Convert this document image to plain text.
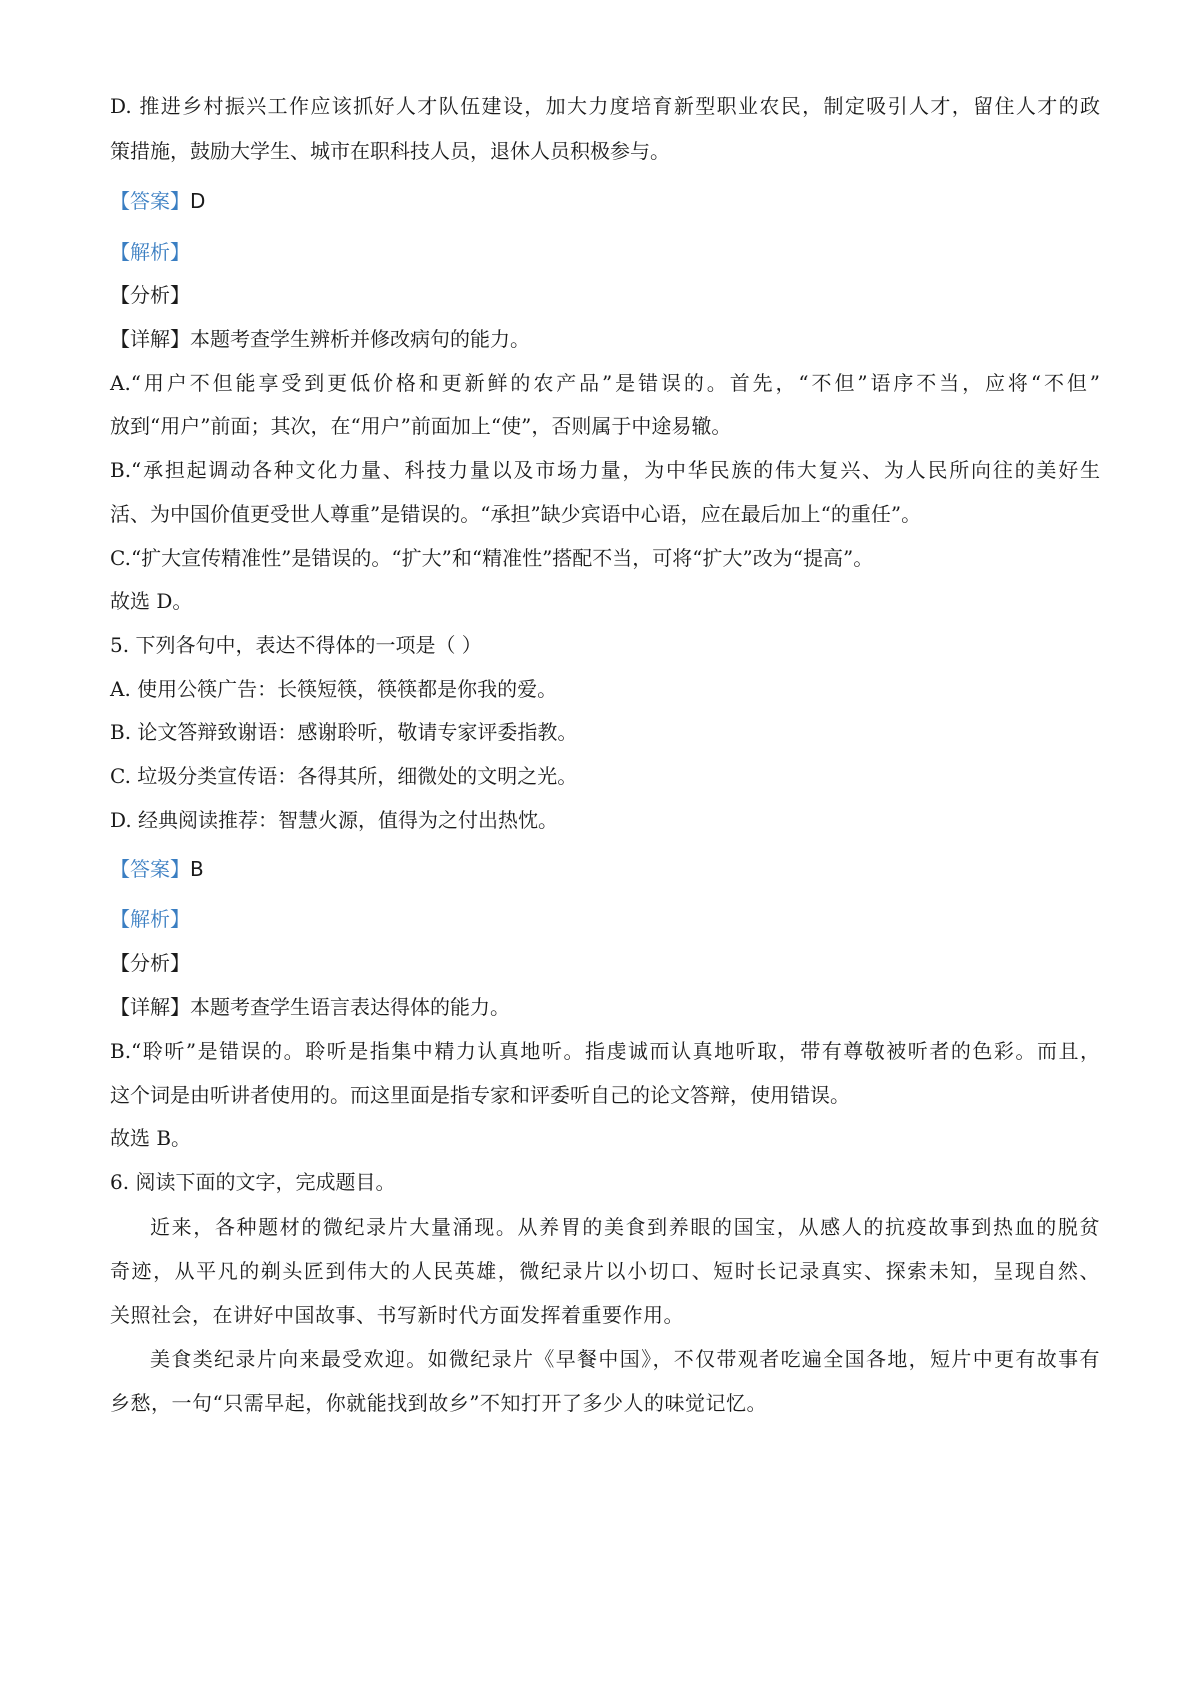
D. 推进乡村振兴工作应该抓好人才队伍建设，加大力度培育新型职业农民，制定吸引人才，留住人才的政
策措施，鼓励大学生、城市在职科技人员，退休人员积极参与。
【答案】D
【解析】
【分析】
【详解】本题考查学生辨析并修改病句的能力。
A.“用户不但能享受到更低价格和更新鲜的农产品”是错误的。首先，“不但”语序不当，应将“不但”
放到“用户”前面；其次，在“用户”前面加上“使”，否则属于中途易辙。
B.“承担起调动各种文化力量、科技力量以及市场力量，为中华民族的伟大复兴、为人民所向往的美好生
活、为中国价值更受世人尊重”是错误的。“承担”缺少宾语中心语，应在最后加上“的重任”。
C.“扩大宣传精准性”是错误的。“扩大”和“精准性”搭配不当，可将“扩大”改为“提高”。
故选 D。
5. 下列各句中，表达不得体的一项是（ ）
A. 使用公筷广告：长筷短筷，筷筷都是你我的爱。
B. 论文答辩致谢语：感谢聆听，敬请专家评委指教。
C. 垃圾分类宣传语：各得其所，细微处的文明之光。
D. 经典阅读推荐：智慧火源，值得为之付出热忱。
【答案】B
【解析】
【分析】
【详解】本题考查学生语言表达得体的能力。
B.“聆听”是错误的。聆听是指集中精力认真地听。指虔诚而认真地听取，带有尊敬被听者的色彩。而且，
这个词是由听讲者使用的。而这里面是指专家和评委听自己的论文答辩，使用错误。
故选 B。
6. 阅读下面的文字，完成题目。
近来，各种题材的微纪录片大量涌现。从养胃的美食到养眼的国宝，从感人的抗疫故事到热血的脱贫
奇迹，从平凡的剃头匠到伟大的人民英雄，微纪录片以小切口、短时长记录真实、探索未知，呈现自然、
关照社会，在讲好中国故事、书写新时代方面发挥着重要作用。
美食类纪录片向来最受欢迎。如微纪录片《早餐中国》，不仅带观者吃遍全国各地，短片中更有故事有
乡愁，一句“只需早起，你就能找到故乡”不知打开了多少人的味觉记忆。
